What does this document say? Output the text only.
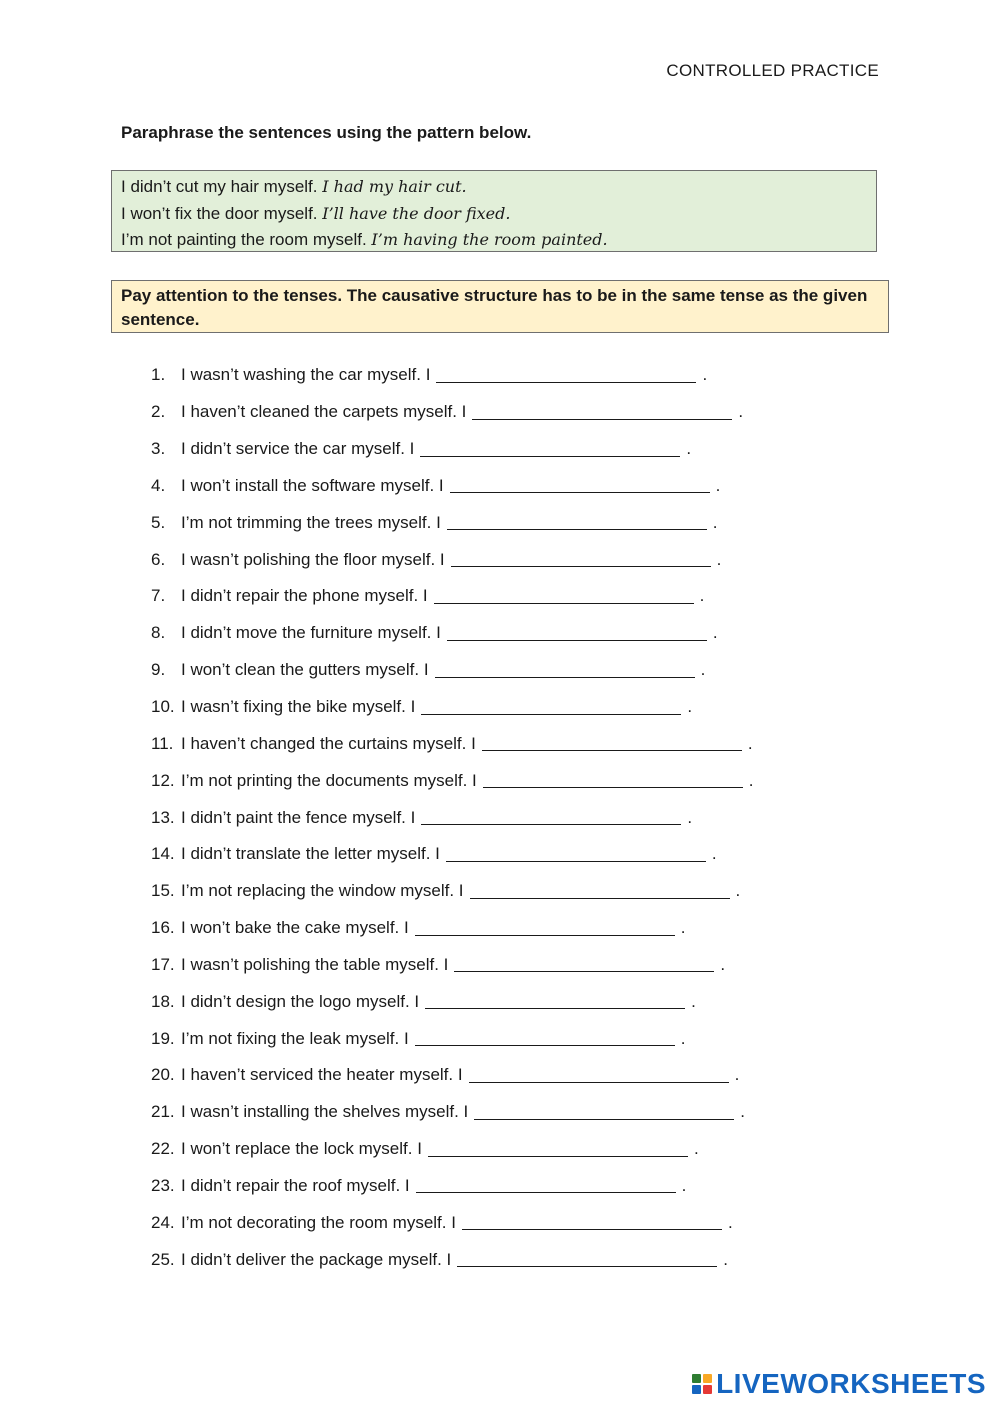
CONTROLLED PRACTICE
Paraphrase the sentences using the pattern below.
I didn’t cut my hair myself. I had my hair cut.
I won’t fix the door myself. I’ll have the door fixed.
I’m not painting the room myself. I’m having the room painted.
Pay attention to the tenses. The causative structure has to be in the same tense as the given sentence.
1. I wasn’t washing the car myself. I	.
2. I haven’t cleaned the carpets myself. I	.
3. I didn’t service the car myself. I	.
4. I won’t install the software myself. I	.
5. I’m not trimming the trees myself. I	.
6. I wasn’t polishing the floor myself. I	.
7. I didn’t repair the phone myself. I	.
8. I didn’t move the furniture myself. I	.
9. I won’t clean the gutters myself. I	.
10. I wasn’t fixing the bike myself. I	.
11. I haven’t changed the curtains myself. I	.
12. I’m not printing the documents myself. I	.
13. I didn’t paint the fence myself. I	.
14. I didn’t translate the letter myself. I	.
15. I’m not replacing the window myself. I	.
16. I won’t bake the cake myself. I	.
17. I wasn’t polishing the table myself. I	.
18. I didn’t design the logo myself. I	.
19. I’m not fixing the leak myself. I	.
20. I haven’t serviced the heater myself. I	.
21. I wasn’t installing the shelves myself. I	.
22. I won’t replace the lock myself. I	.
23. I didn’t repair the roof myself. I	.
24. I’m not decorating the room myself. I	.
25. I didn’t deliver the package myself. I	.
LIVEWORKSHEETS
